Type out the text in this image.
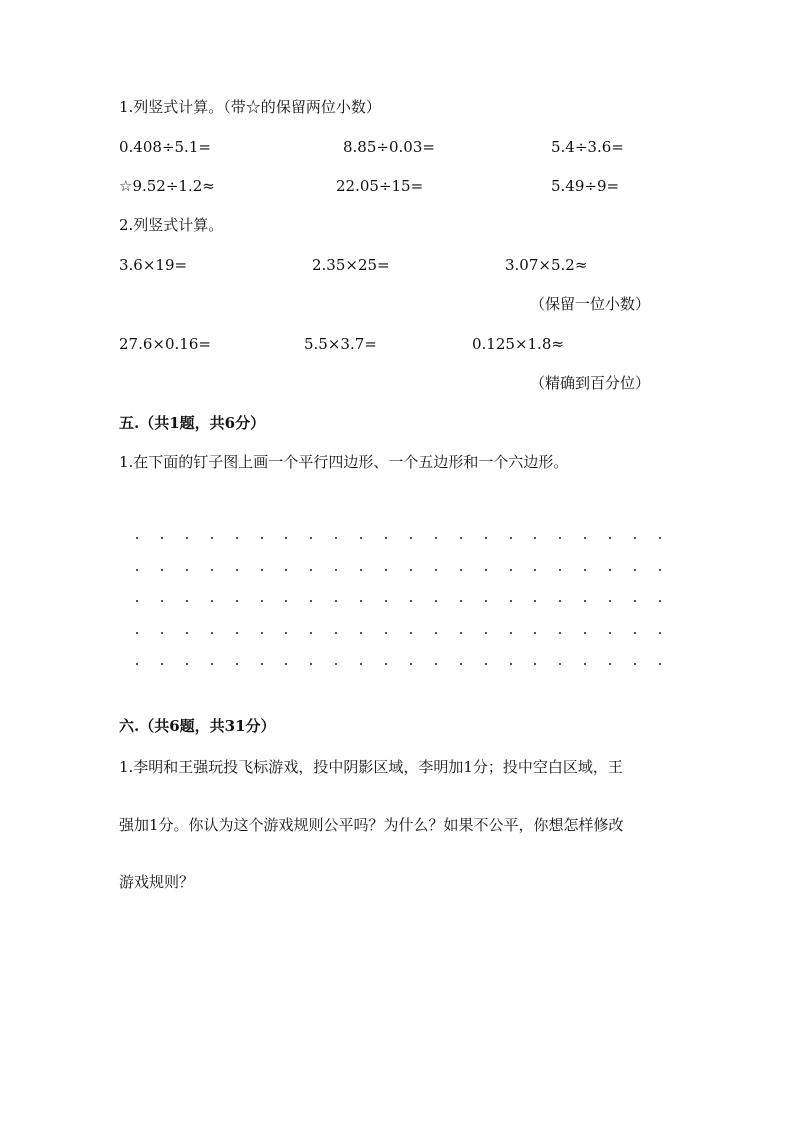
1.列竖式计算。（带☆的保留两位小数）
0.408÷5.1=	8.85÷0.03=	5.4÷3.6=
☆9.52÷1.2≈	22.05÷15=	5.49÷9=
2.列竖式计算。
3.6×19=	2.35×25=	3.07×5.2≈
（保留一位小数）
27.6×0.16=	5.5×3.7=	0.125×1.8≈
（精确到百分位）
五.（共1题，共6分）
1.在下面的钉子图上画一个平行四边形、一个五边形和一个六边形。
六.（共6题，共31分）
1.李明和王强玩投飞标游戏，投中阴影区域，李明加1分；投中空白区域，王
强加1分。你认为这个游戏规则公平吗？为什么？如果不公平，你想怎样修改
游戏规则？
